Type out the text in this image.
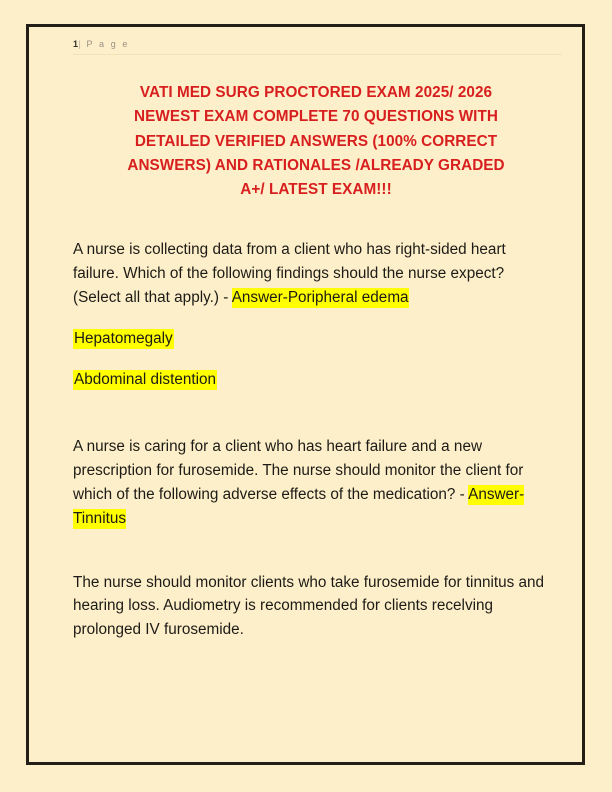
1| P a g e
VATI MED SURG PROCTORED EXAM 2025/ 2026
NEWEST EXAM COMPLETE 70 QUESTIONS WITH
DETAILED VERIFIED ANSWERS (100% CORRECT
ANSWERS) AND RATIONALES /ALREADY GRADED
A+/ LATEST EXAM!!!

A nurse is collecting data from a client who has right-sided heart failure. Which of the following findings should the nurse expect? (Select all that apply.) - Answer-Poripheral edema

Hepatomegaly

Abdominal distention

A nurse is caring for a client who has heart failure and a new prescription for furosemide. The nurse should monitor the client for which of the following adverse effects of the medication? - Answer-Tinnitus

The nurse should monitor clients who take furosemide for tinnitus and hearing loss. Audiometry is recommended for clients recelving prolonged IV furosemide.
